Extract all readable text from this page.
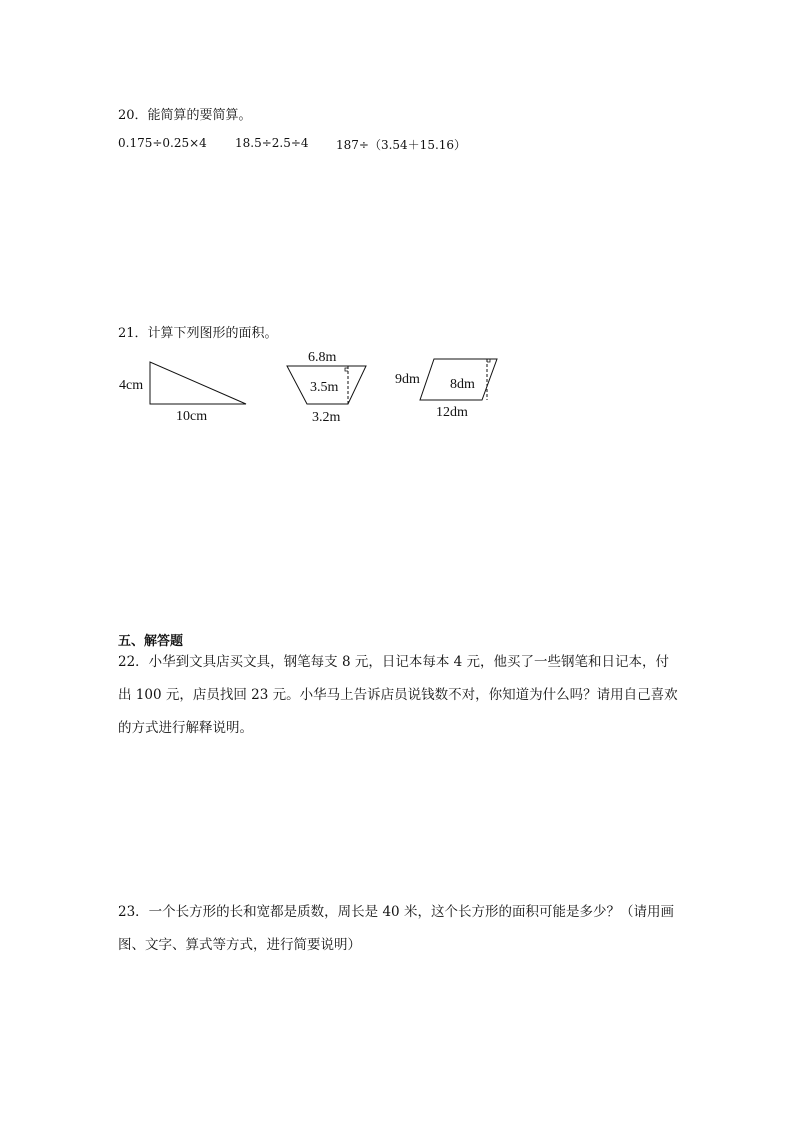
20．能简算的要简算。
0.175÷0.25×4 18.5÷2.5÷4 187÷（3.54＋15.16）
21．计算下列图形的面积。
4cm
10cm
6.8m
3.5m
3.2m
9dm 8dm
12dm
五、解答题
22．小华到文具店买文具，钢笔每支 8 元，日记本每本 4 元，他买了一些钢笔和日记本，付出 100 元，店员找回 23 元。小华马上告诉店员说钱数不对，你知道为什么吗？请用自己喜欢的方式进行解释说明。
23．一个长方形的长和宽都是质数，周长是 40 米，这个长方形的面积可能是多少？（请用画图、文字、算式等方式，进行简要说明）
